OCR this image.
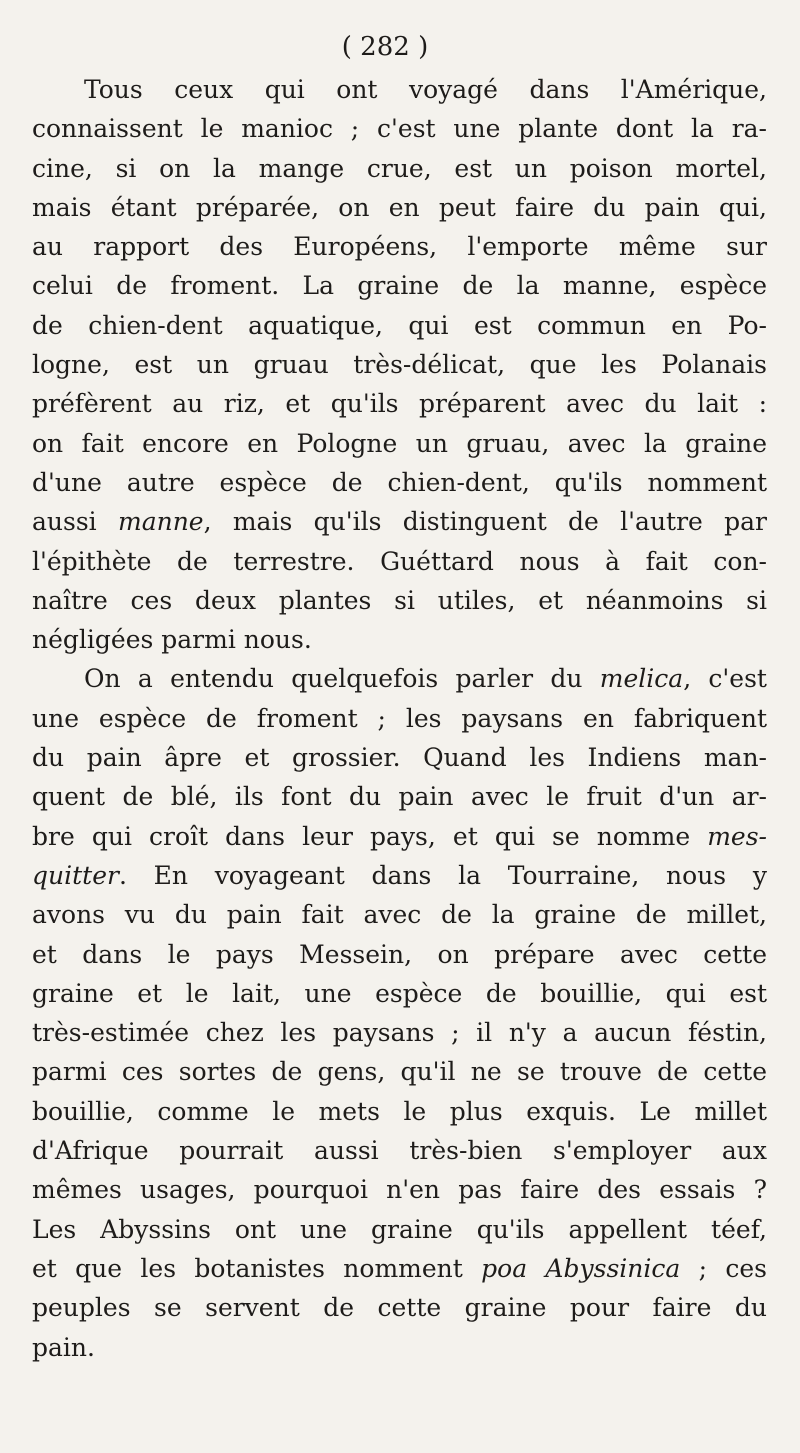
( 282 )
Tous ceux qui ont voyagé dans l'Amérique,
connaissent le manioc ; c'est une plante dont la ra-
cine, si on la mange crue, est un poison mortel,
mais étant préparée, on en peut faire du pain qui,
au rapport des Européens, l'emporte même sur
celui de froment. La graine de la manne, espèce
de chien-dent aquatique, qui est commun en Po-
logne, est un gruau très-délicat, que les Polanais
préfèrent au riz, et qu'ils préparent avec du lait :
on fait encore en Pologne un gruau, avec la graine
d'une autre espèce de chien-dent, qu'ils nomment
aussi manne, mais qu'ils distinguent de l'autre par
l'épithète de terrestre. Guéttard nous à fait con-
naître ces deux plantes si utiles, et néanmoins si
négligées parmi nous.
On a entendu quelquefois parler du melica, c'est
une espèce de froment ; les paysans en fabriquent
du pain âpre et grossier. Quand les Indiens man-
quent de blé, ils font du pain avec le fruit d'un ar-
bre qui croît dans leur pays, et qui se nomme mes-
quitter. En voyageant dans la Tourraine, nous y
avons vu du pain fait avec de la graine de millet,
et dans le pays Messein, on prépare avec cette
graine et le lait, une espèce de bouillie, qui est
très-estimée chez les paysans ; il n'y a aucun féstin,
parmi ces sortes de gens, qu'il ne se trouve de cette
bouillie, comme le mets le plus exquis. Le millet
d'Afrique pourrait aussi très-bien s'employer aux
mêmes usages, pourquoi n'en pas faire des essais ?
Les Abyssins ont une graine qu'ils appellent téef,
et que les botanistes nomment poa Abyssinica ; ces
peuples se servent de cette graine pour faire du
pain.
